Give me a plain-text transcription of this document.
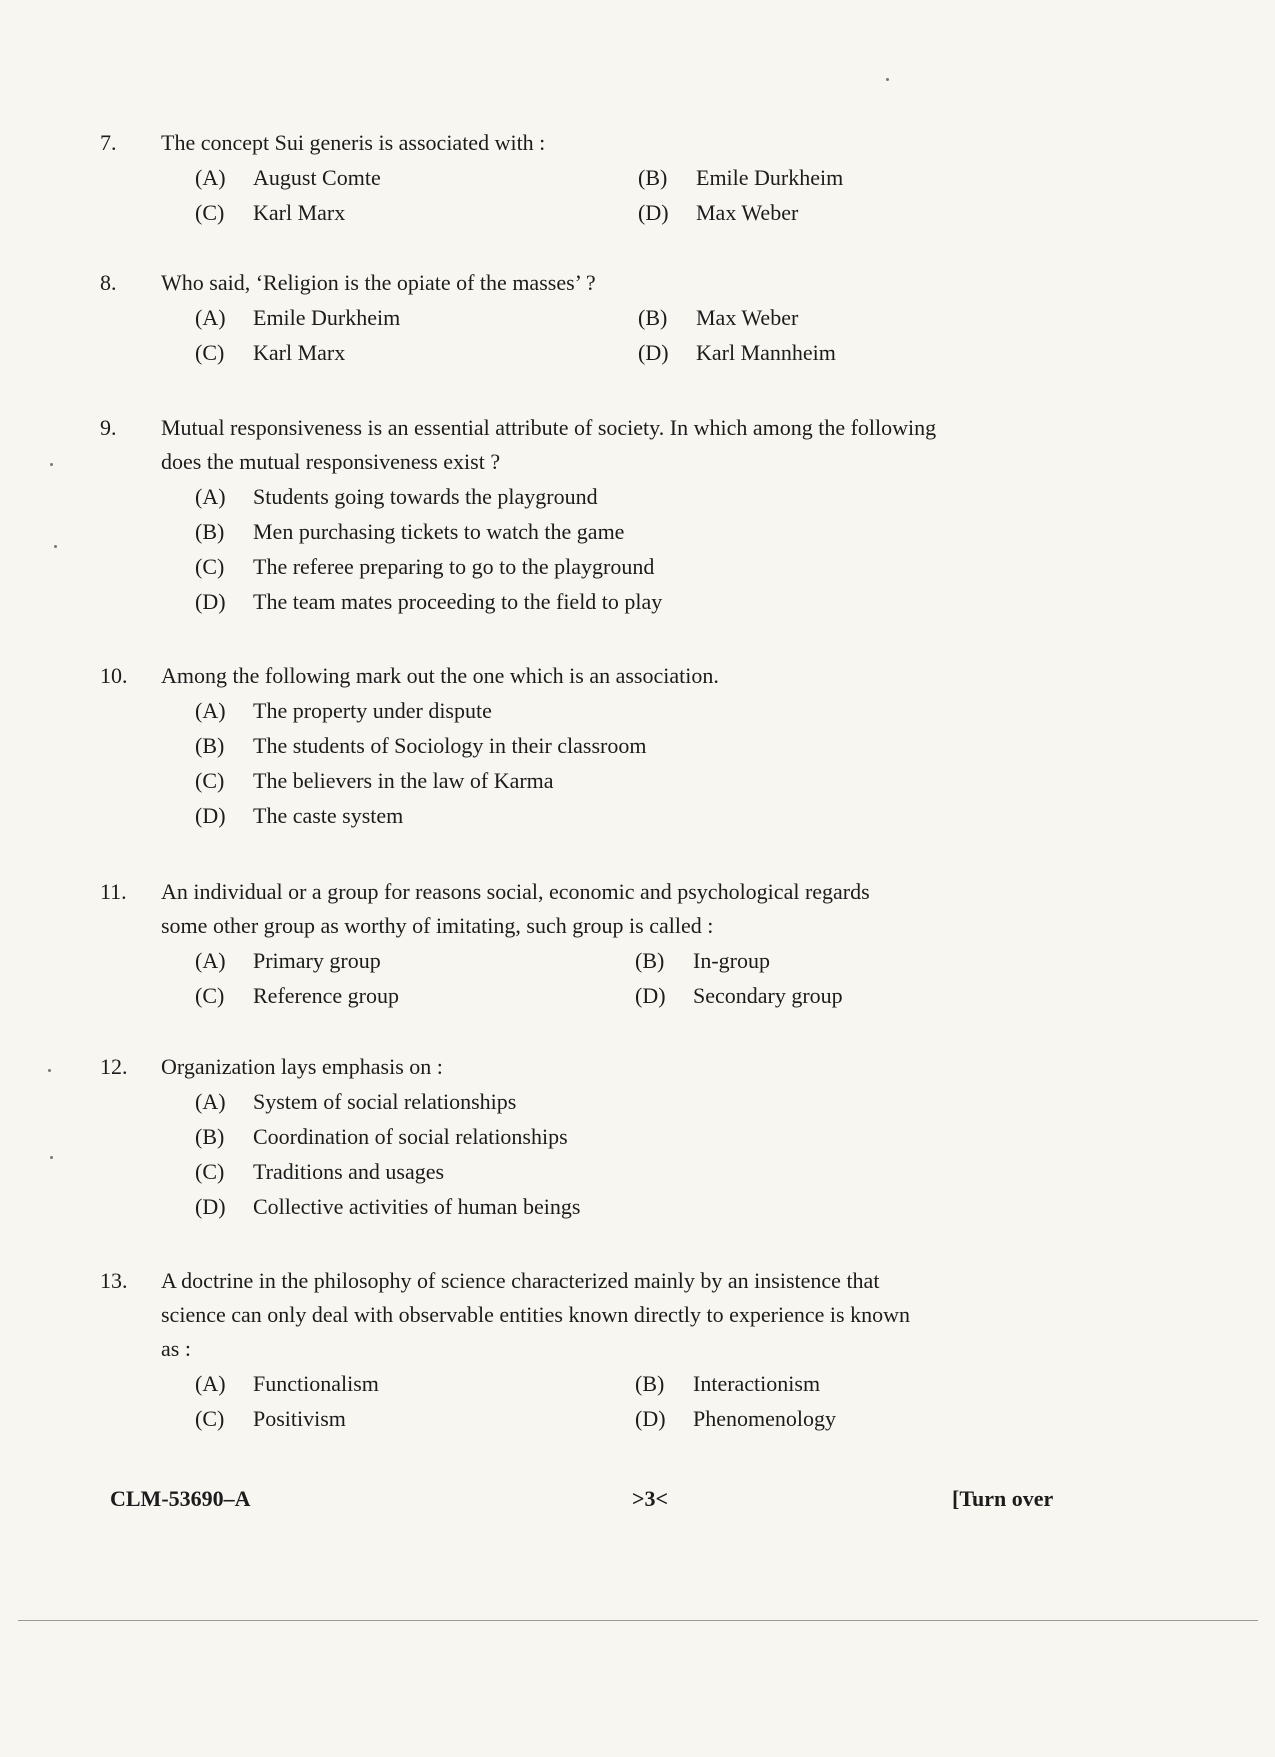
7. The concept Sui generis is associated with :
(A) August Comte	(B) Emile Durkheim
(C) Karl Marx	(D) Max Weber
8. Who said, ‘Religion is the opiate of the masses’ ?
(A) Emile Durkheim	(B) Max Weber
(C) Karl Marx	(D) Karl Mannheim
9. Mutual responsiveness is an essential attribute of society. In which among the following
does the mutual responsiveness exist ?
(A) Students going towards the playground
(B) Men purchasing tickets to watch the game
(C) The referee preparing to go to the playground
(D) The team mates proceeding to the field to play
10. Among the following mark out the one which is an association.
(A) The property under dispute
(B) The students of Sociology in their classroom
(C) The believers in the law of Karma
(D) The caste system
11. An individual or a group for reasons social, economic and psychological regards
some other group as worthy of imitating, such group is called :
(A) Primary group	(B) In-group
(C) Reference group	(D) Secondary group
12. Organization lays emphasis on :
(A) System of social relationships
(B) Coordination of social relationships
(C) Traditions and usages
(D) Collective activities of human beings
13. A doctrine in the philosophy of science characterized mainly by an insistence that
science can only deal with observable entities known directly to experience is known
as :
(A) Functionalism	(B) Interactionism
(C) Positivism	(D) Phenomenology
CLM-53690–A	>3<	[Turn over
